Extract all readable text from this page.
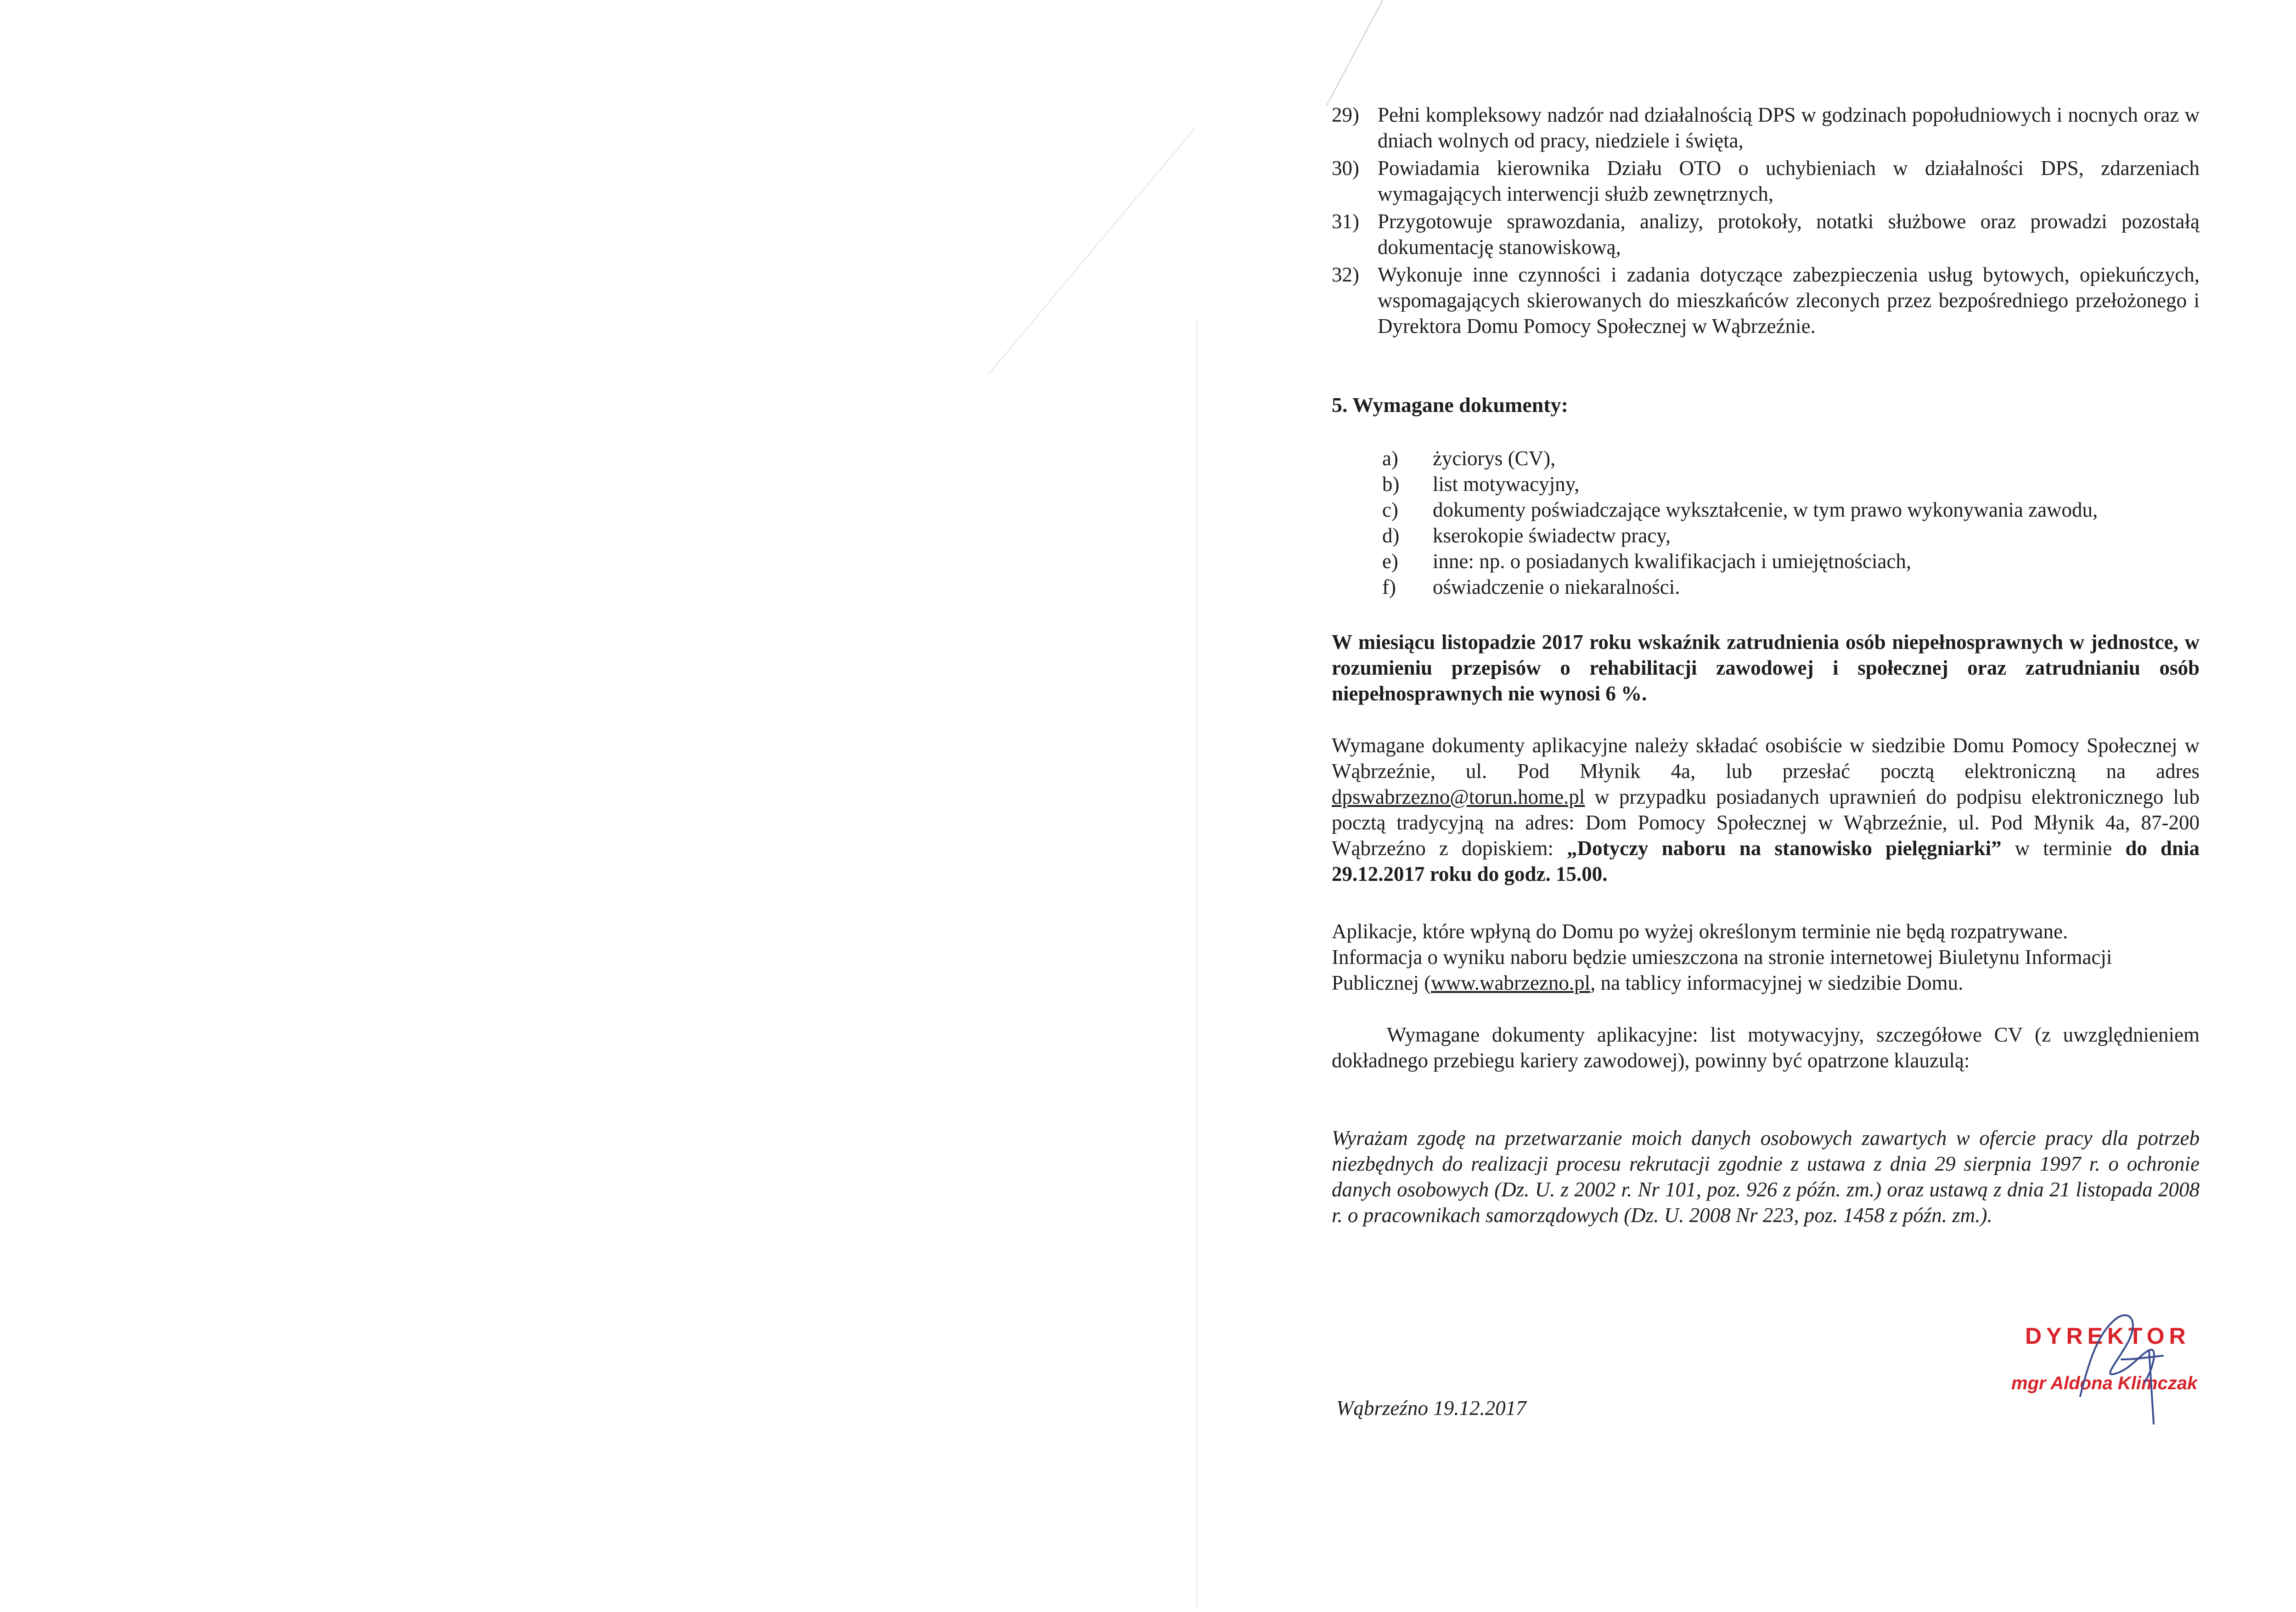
29) Pełni kompleksowy nadzór nad działalnością DPS w godzinach popołudniowych i nocnych oraz w dniach wolnych od pracy, niedziele i święta,
30) Powiadamia kierownika Działu OTO o uchybieniach w działalności DPS, zdarzeniach wymagających interwencji służb zewnętrznych,
31) Przygotowuje sprawozdania, analizy, protokoły, notatki służbowe oraz prowadzi pozostałą dokumentację stanowiskową,
32) Wykonuje inne czynności i zadania dotyczące zabezpieczenia usług bytowych, opiekuńczych, wspomagających skierowanych do mieszkańców zleconych przez bezpośredniego przełożonego i Dyrektora Domu Pomocy Społecznej w Wąbrzeźnie.
5. Wymagane dokumenty:
a)	życiorys (CV),
b)	list motywacyjny,
c)	dokumenty poświadczające wykształcenie, w tym prawo wykonywania zawodu,
d)	kserokopie świadectw pracy,
e)	inne: np. o posiadanych kwalifikacjach i umiejętnościach,
f)	oświadczenie o niekaralności.
W miesiącu listopadzie 2017 roku wskaźnik zatrudnienia osób niepełnosprawnych w jednostce, w rozumieniu przepisów o rehabilitacji zawodowej i społecznej oraz zatrudnianiu osób niepełnosprawnych nie wynosi 6 %.
Wymagane dokumenty aplikacyjne należy składać osobiście w siedzibie Domu Pomocy Społecznej w Wąbrzeźnie, ul. Pod Młynik 4a, lub przesłać pocztą elektroniczną na adres dpswabrzezno@torun.home.pl w przypadku posiadanych uprawnień do podpisu elektronicznego lub pocztą tradycyjną na adres: Dom Pomocy Społecznej w Wąbrzeźnie, ul. Pod Młynik 4a, 87-200 Wąbrzeźno z dopiskiem: „Dotyczy naboru na stanowisko pielęgniarki” w terminie do dnia 29.12.2017 roku do godz. 15.00.
Aplikacje, które wpłyną do Domu po wyżej określonym terminie nie będą rozpatrywane.
Informacja o wyniku naboru będzie umieszczona na stronie internetowej Biuletynu Informacji Publicznej (www.wabrzezno.pl, na tablicy informacyjnej w siedzibie Domu.
Wymagane dokumenty aplikacyjne: list motywacyjny, szczegółowe CV (z uwzględnieniem dokładnego przebiegu kariery zawodowej), powinny być opatrzone klauzulą:
Wyrażam zgodę na przetwarzanie moich danych osobowych zawartych w ofercie pracy dla potrzeb niezbędnych do realizacji procesu rekrutacji zgodnie z ustawa z dnia 29 sierpnia 1997 r. o ochronie danych osobowych (Dz. U. z 2002 r. Nr 101, poz. 926 z późn. zm.) oraz ustawą z dnia 21 listopada 2008 r. o pracownikach samorządowych (Dz. U. 2008 Nr 223, poz. 1458 z późn. zm.).
DYREKTOR
mgr Aldona Klimczak
Wąbrzeźno 19.12.2017
